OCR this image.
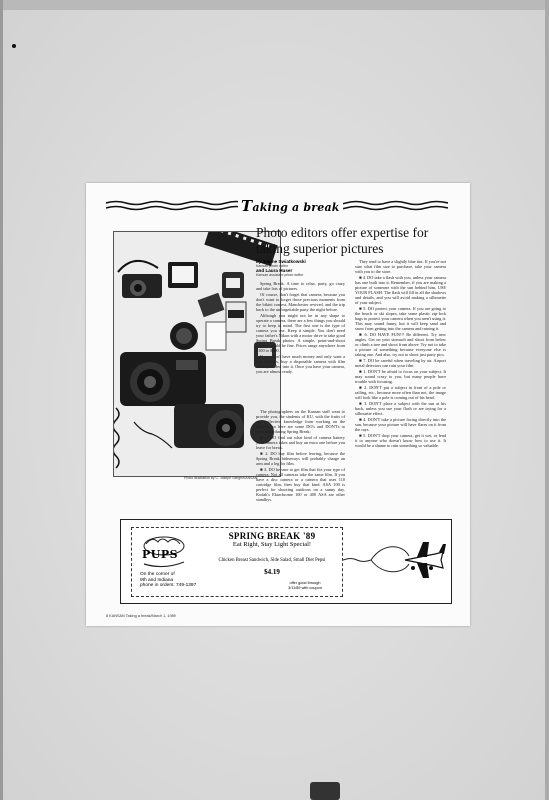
Taking a break
Photo illustration by C. Joseph Sleigh/KANSAN
Photo editors offer expertise for taking superior pictures
by Janine Swiatkowski
Kansan photo editor
and Laura Huser
Kansan assistant photo editor

Spring Break. A time to relax, party, go crazy and take lots of pictures.

Of course, don't forget that camera, because you don't want to forget those precious moments from the bikini contest, Manchester revived, and the trip back to the unforgettable party the night before.

Although you might not be in any shape to operate a camera, there are a few things you should try to keep in mind. The first one is the type of camera you use. Keep it simple. You don't need your father's Nikon with a motor drive to take good Spring Break photos. A simple, point-and-shoot camera would be fine. Prices range anywhere from $100 to $300.

If you don't have much money and only want a few pictures, buy a disposable camera with film already loaded into it. Once you have your camera, you are almost ready.

The photographers on the Kansan staff want to provide you, the students of KU, with the fruits of our collective knowledge from working on the Kansan, so here are some DO's and DON'Ts to remember during Spring Break:

■ 1. DO find out what kind of camera battery your camera takes and buy an extra one before you leave for break.

■ 2. DO buy film before leaving, because the Spring Break hideaways will probably charge an arm and a leg for film.

■ 3. DO be sure to get film that fits your type of camera. Not all cameras take the same film. If you have a disc camera or a camera that uses 110 cartridge film, then buy that kind. ASA 100 is perfect for shooting outdoors on a sunny day. Kodak's Ektachrome 100 or 400 ASA are other standbys.

They tend to have a slightly blue tint. If you're not sure what film size to purchase, take your camera with you to the store.

■ 4. DO take a flash with you, unless your camera has one built into it. Remember, if you are making a picture of someone with the sun behind him, USE YOUR FLASH. The flash will fill in all the shadows and details, and you will avoid making a silhouette of your subject.

■ 5. DO protect your camera. If you are going to the beach or ski slopes, take some plastic zip-lock bags to protect your camera when you aren't using it. This may sound funny, but it will keep sand and snow from getting into the camera and ruining it.

■ 6. DO HAVE FUN!!! Be different. Try new angles. Get on your stomach and shoot from below or climb a tree and shoot from above. Try not to take a picture of something because everyone else is taking one. And also, try not to shoot just party pics.

■ 7. DO be careful when traveling by air. Airport metal detectors can ruin your film.

■ 1. DON'T be afraid to focus on your subject. It may sound crazy to you, but many people have trouble with focusing.

■ 2. DON'T put a subject in front of a pole or railing, etc., because more often than not, the image will look like a pole is coming out of his head.

■ 3. DON'T place a subject with the sun at his back, unless you use your flash or are trying for a silhouette effect.

■ 4. DON'T take a picture facing directly into the sun, because your picture will have flares on it from the rays.

■ 5. DON'T drop your camera, get it wet, or lend it to anyone who doesn't know how to use it. It would be a shame to ruin something so valuable.

PUPS
On the corner of
9th and Indiana
phone in orders: 749-1397
SPRING BREAK '89
Eat Right, Stay Light Special!
Chicken Breast Sandwich, Side Salad, Small Diet Pepsi
$4.19
offer good through
3/11/89 with coupon
8 KANSAN Taking a break/March 1, 1989
